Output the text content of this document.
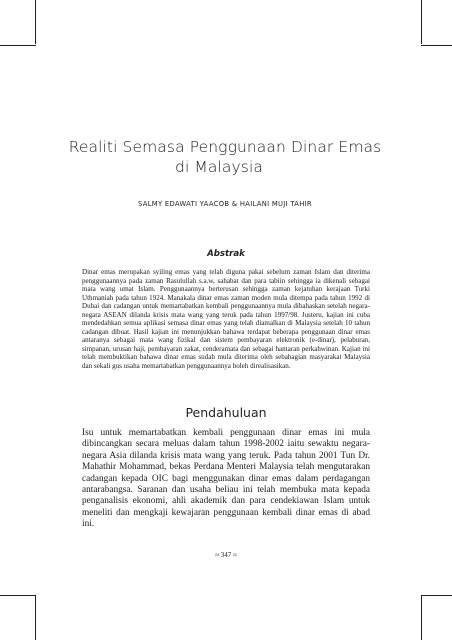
Realiti Semasa Penggunaan Dinar Emas
di Malaysia

SALMY EDAWATI YAACOB & HAILANI MUJI TAHIR

Abstrak

Dinar emas merupakan syiling emas yang telah diguna pakai sebelum zaman Islam dan diterima penggunaannya pada zaman Rasulullah s.a.w, sahabat dan para tabiin sehingga ia dikenali sebagai mata wang umat Islam. Penggunaannya berterusan sehingga zaman kejatuhan kerajaan Turki Uthmaniah pada tahun 1924. Manakala dinar emas zaman moden mula ditempa pada tahun 1992 di Dubai dan cadangan untuk memartabatkan kembali penggunaannya mula dibahaskan setelah negara-negara ASEAN dilanda krisis mata wang yang teruk pada tahun 1997/98. Justeru, kajian ini cuba mendedahkan semua aplikasi semasa dinar emas yang telah diamalkan di Malaysia setelah 10 tahun cadangan dibuat. Hasil kajian ini menunjukkan bahawa terdapat beberapa penggunaan dinar emas antaranya sebagai mata wang fizikal dan sistem pembayaran elektronik (e-dinar), pelaburan, simpanan, urusan haji, pembayaran zakat, cenderamata dan sebagai hantaran perkahwinan. Kajian ini telah membuktikan bahawa dinar emas sudah mula diterima oleh sebahagian masyarakat Malaysia dan sekali gus usaha memartabatkan penggunaannya boleh direalisasikan.

Pendahuluan

Isu untuk memartabatkan kembali penggunaan dinar emas ini mula dibincangkan secara meluas dalam tahun 1998-2002 iaitu sewaktu negara-negara Asia dilanda krisis mata wang yang teruk. Pada tahun 2001 Tun Dr. Mahathir Mohammad, bekas Perdana Menteri Malaysia telah mengutarakan cadangan kepada OIC bagi menggunakan dinar emas dalam perdagangan antarabangsa. Saranan dan usaha beliau ini telah membuka mata kepada penganalisis ekonomi, ahli akademik dan para cendekiawan Islam untuk meneliti dan mengkaji kewajaran penggunaan kembali dinar emas di abad ini.

≈ 347 ≈
